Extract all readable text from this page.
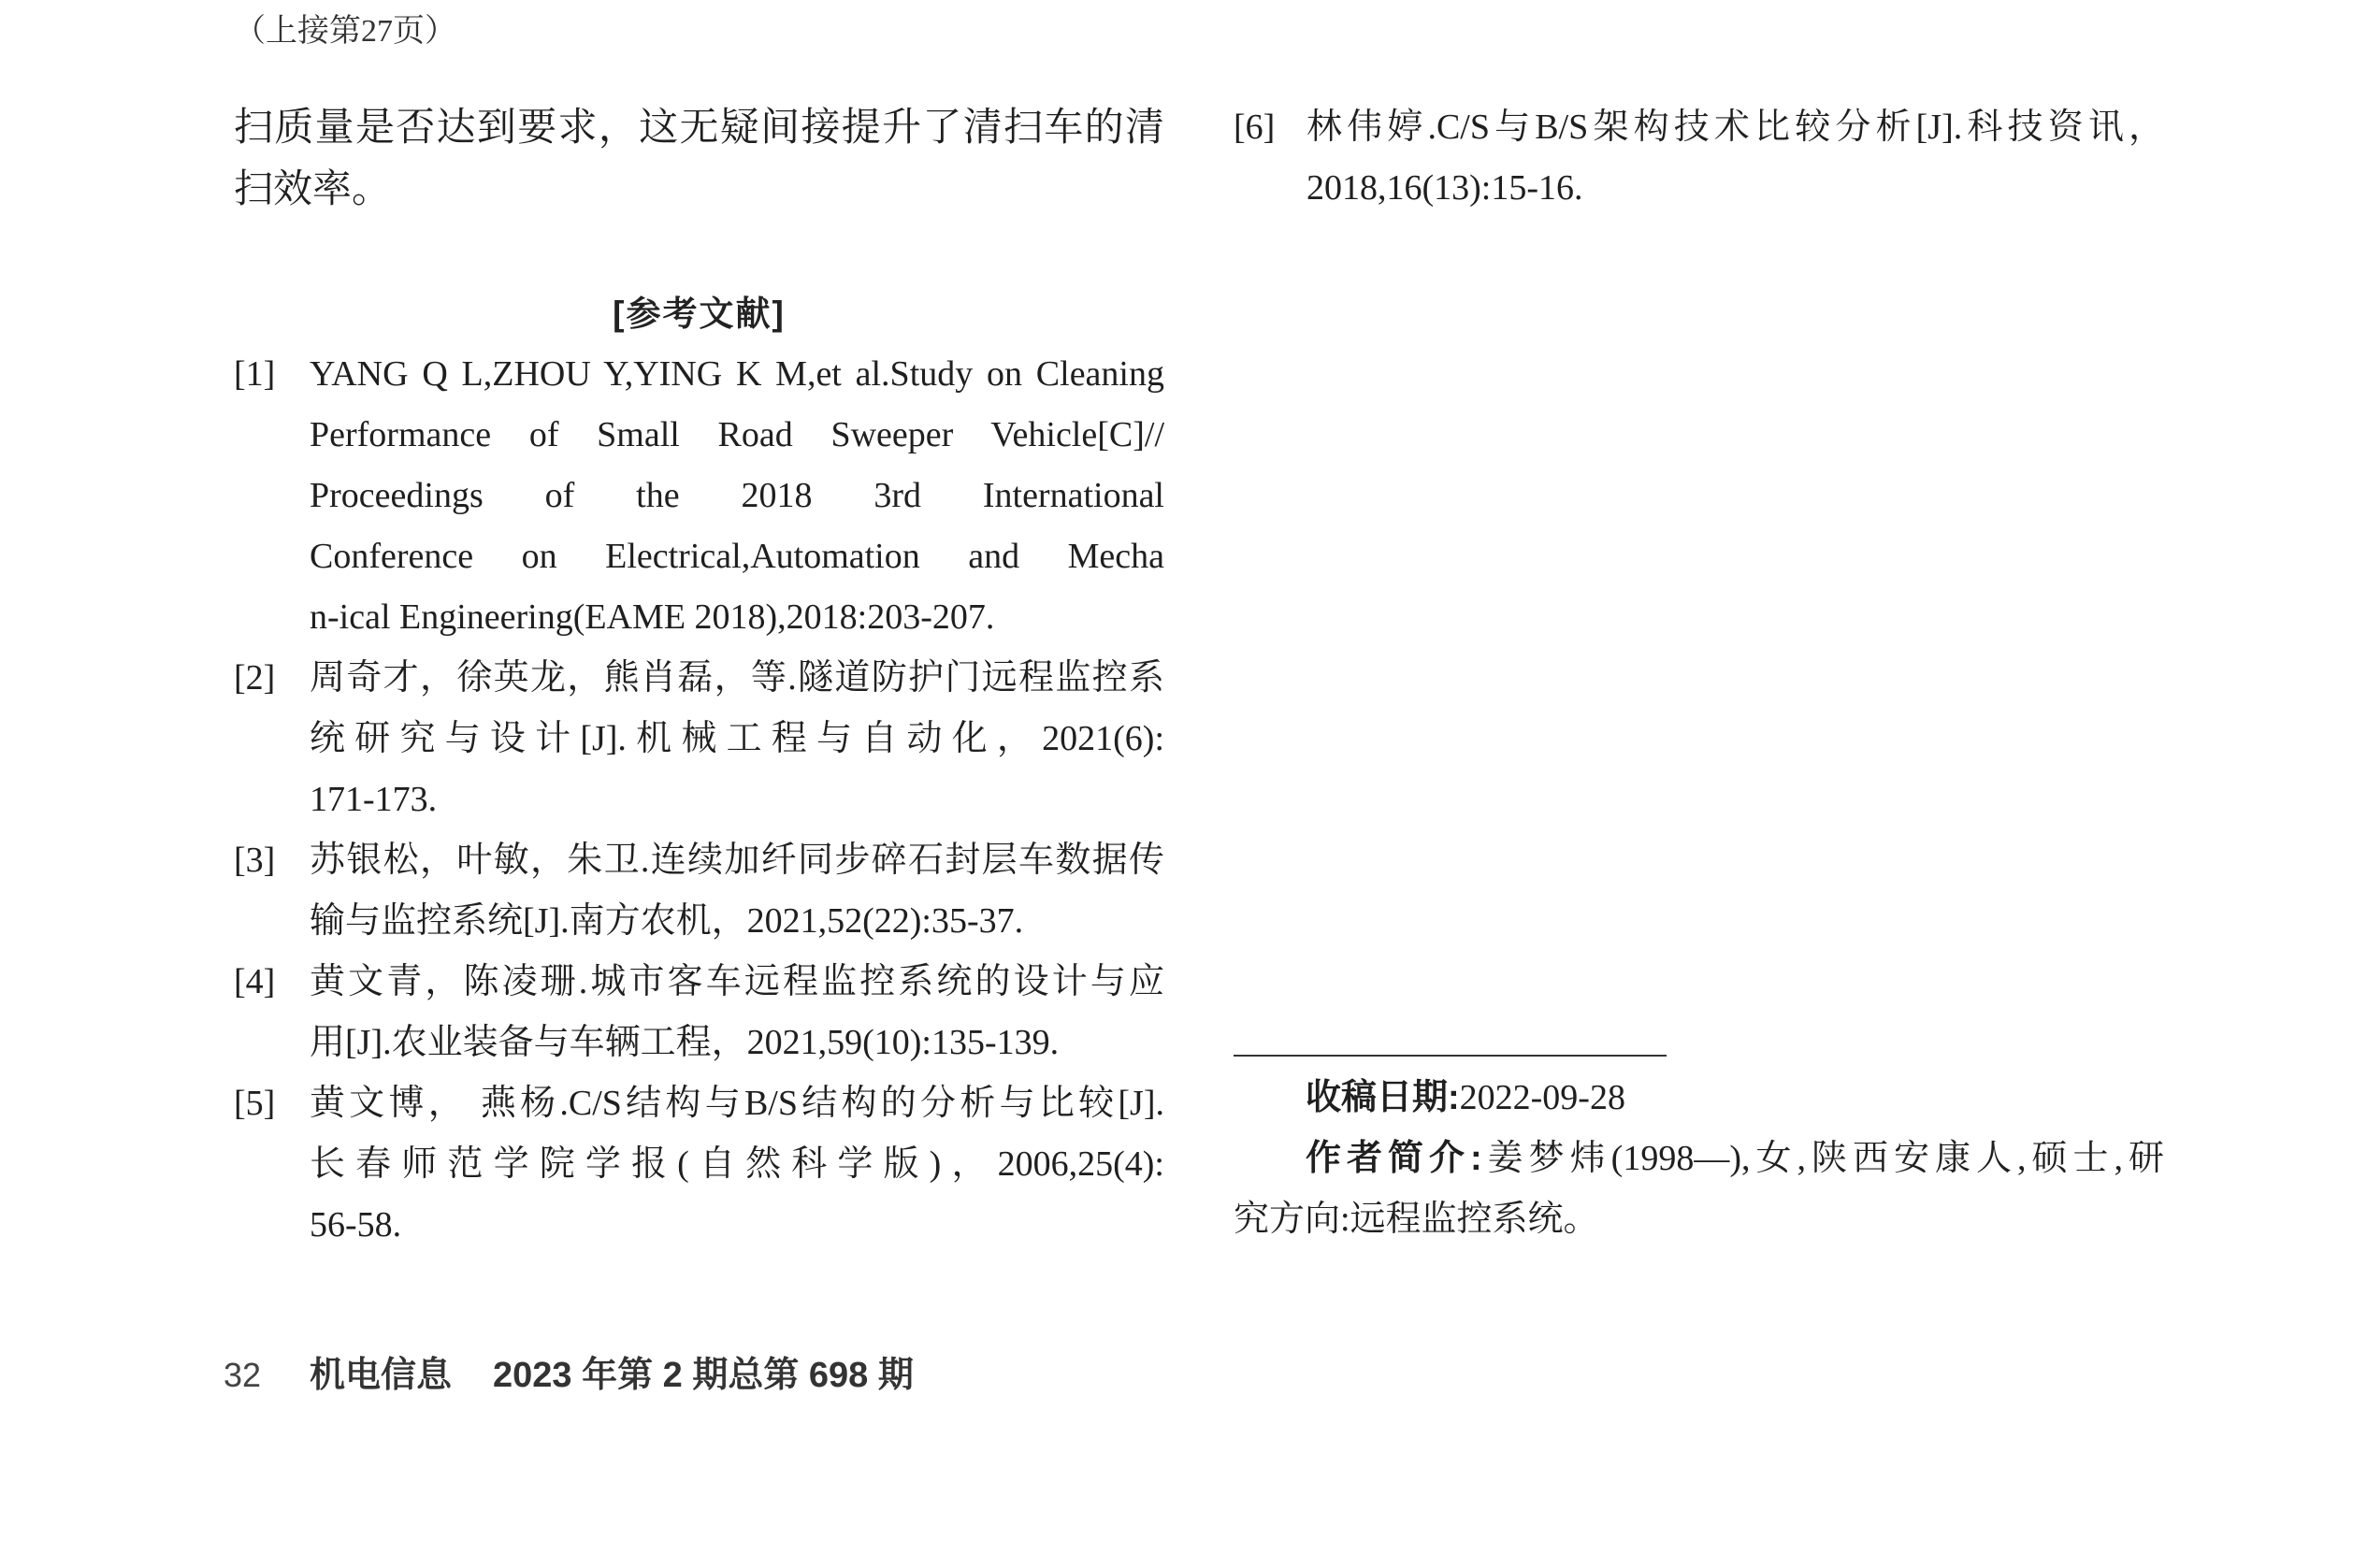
（上接第27页）
扫质量是否达到要求，这无疑间接提升了清扫车的清
扫效率。
[参考文献]
[1] YANG Q L,ZHOU Y,YING K M,et al.Study on Cleaning
Performance of Small Road Sweeper Vehicle[C]//
Proceedings of the 2018 3rd International
Conference on Electrical,Automation and Mecha
n-ical Engineering(EAME 2018),2018:203-207.
[2] 周奇才，徐英龙，熊肖磊，等.隧道防护门远程监控系
统研究与设计[J].机械工程与自动化，2021(6):
171-173.
[3] 苏银松，叶敏，朱卫.连续加纤同步碎石封层车数据传
输与监控系统[J].南方农机，2021,52(22):35-37.
[4] 黄文青，陈凌珊.城市客车远程监控系统的设计与应
用[J].农业装备与车辆工程，2021,59(10):135-139.
[5] 黄文博， 燕杨.C/S结构与B/S结构的分析与比较[J].
长春师范学院学报(自然科学版)，2006,25(4):
56-58.
[6] 林伟婷.C/S与B/S架构技术比较分析[J].科技资讯，
2018,16(13):15-16.
收稿日期:2022-09-28
作者简介:姜梦炜(1998—),女,陕西安康人,硕士,研
究方向:远程监控系统。
32 机电信息 2023 年第 2 期总第 698 期
